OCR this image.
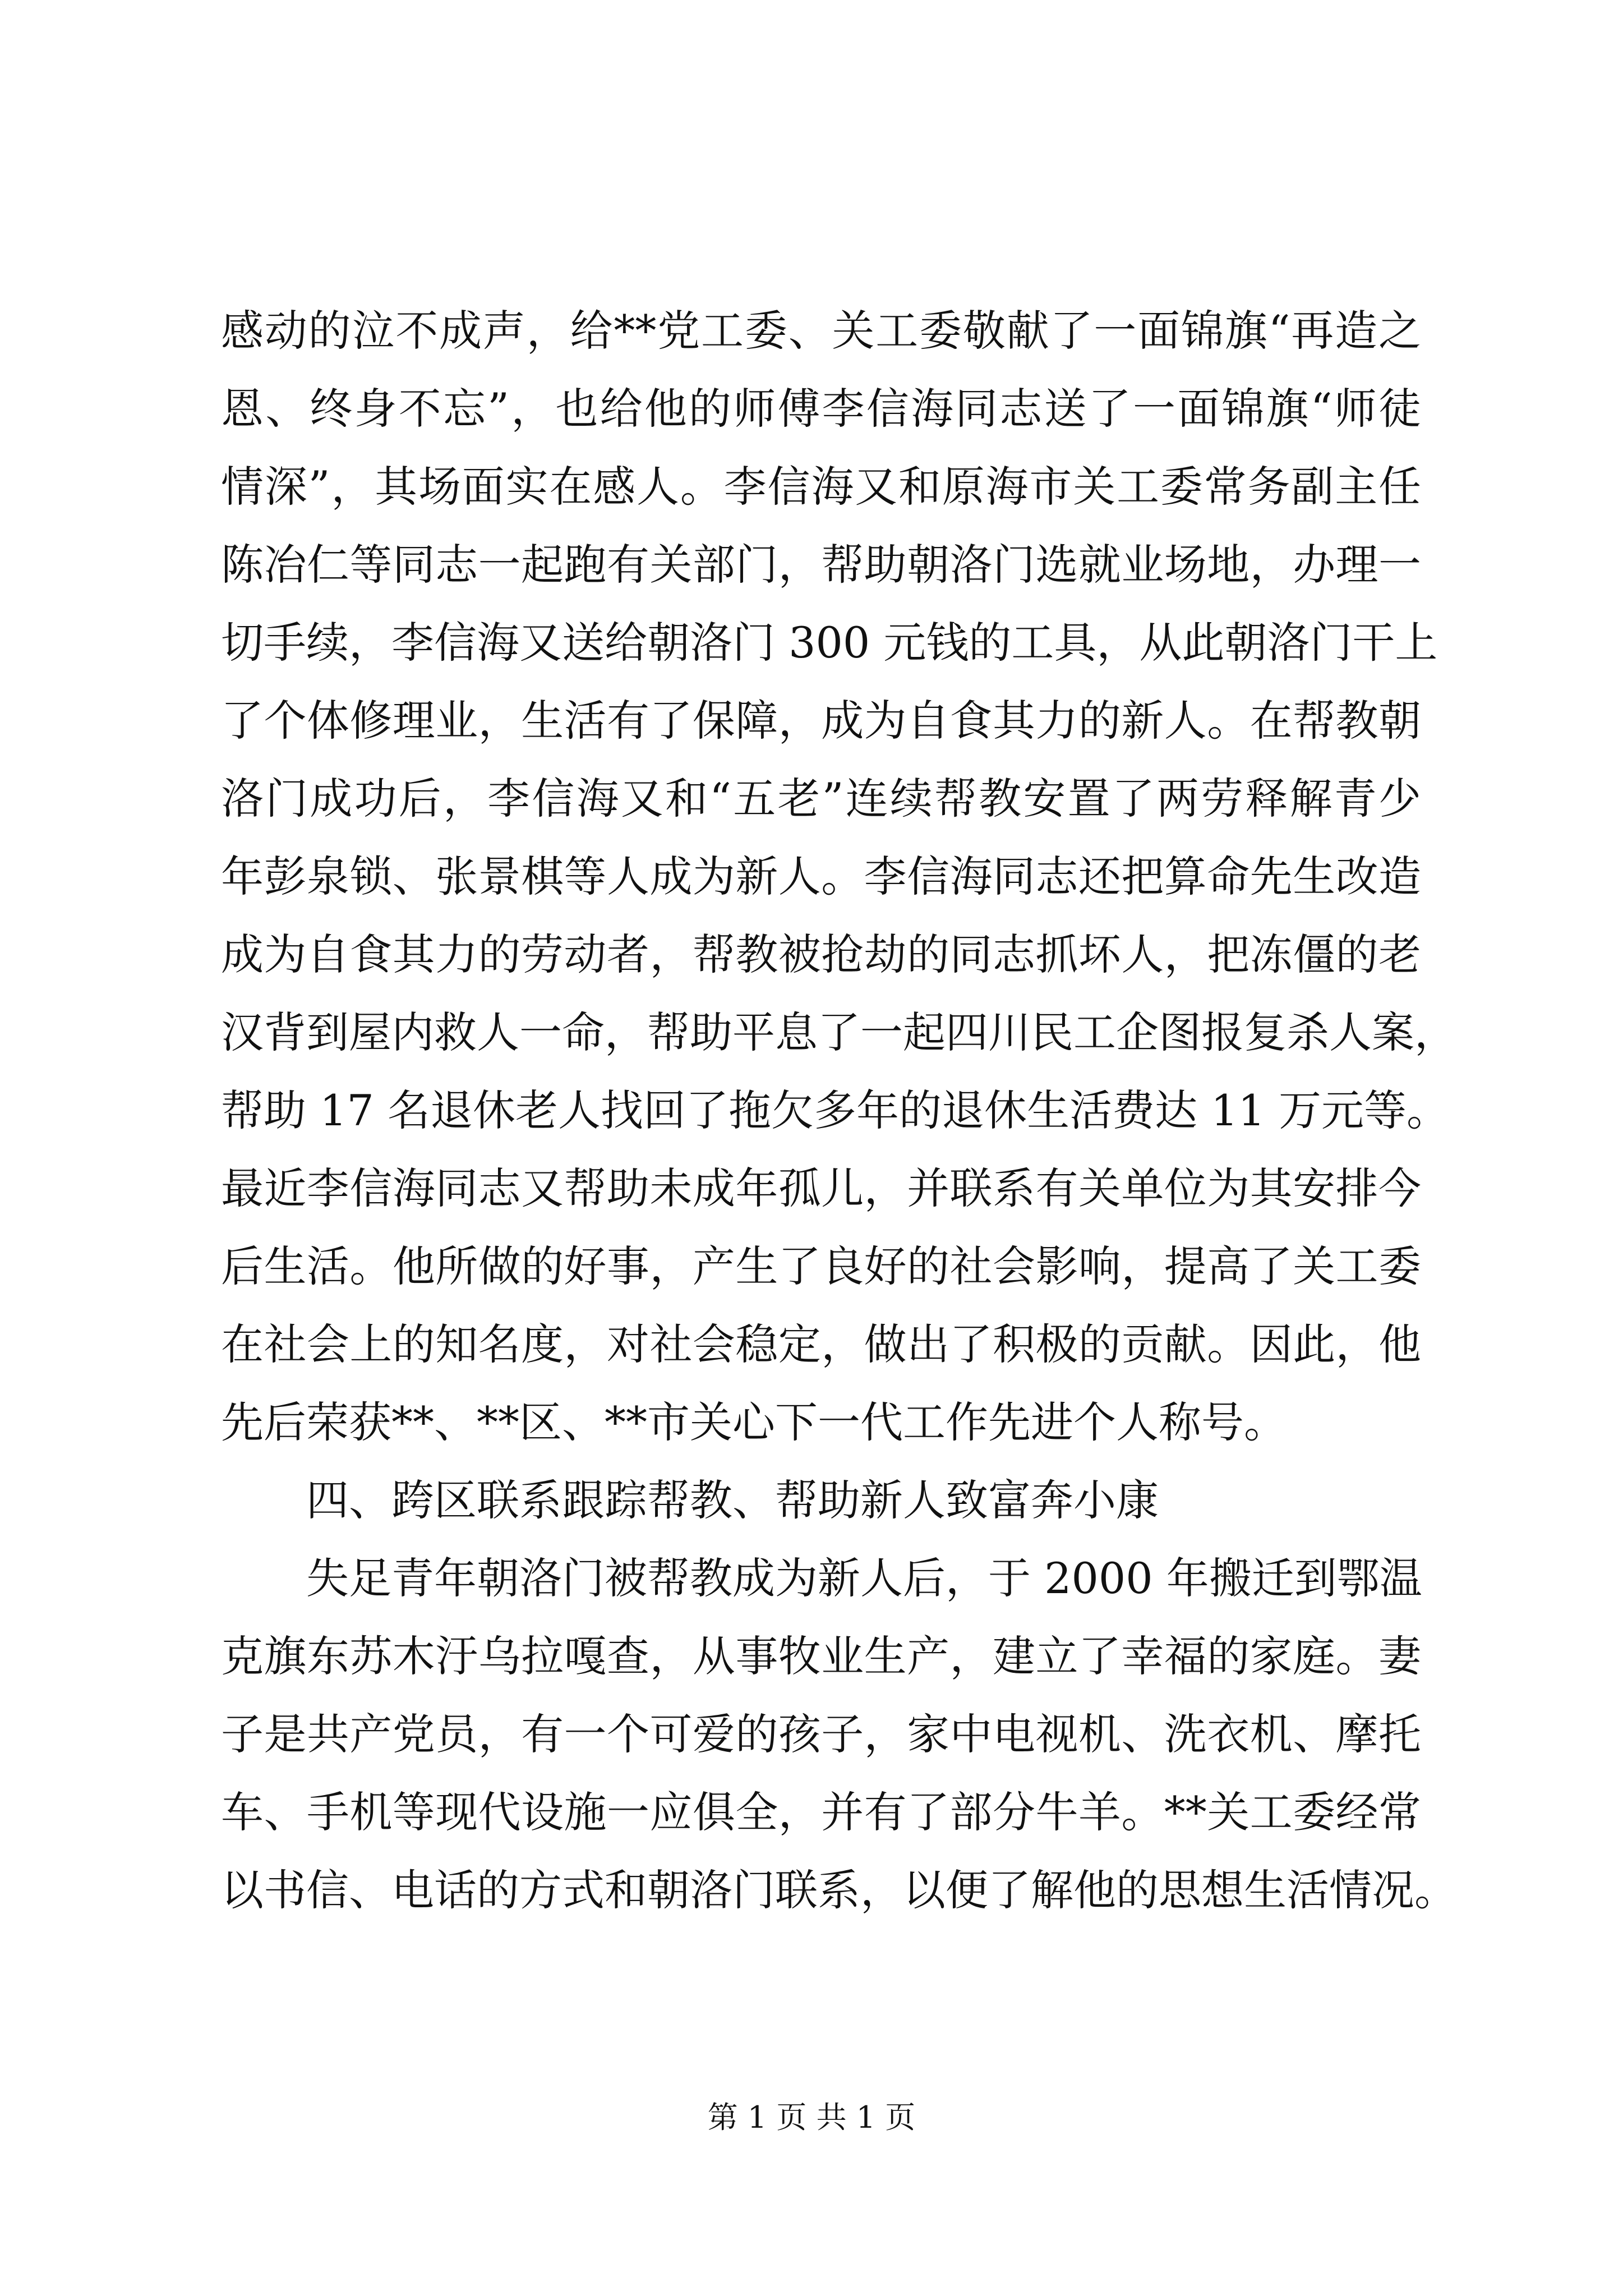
感动的泣不成声，给**党工委、关工委敬献了一面锦旗“再造之
恩、终身不忘”，也给他的师傅李信海同志送了一面锦旗“师徒
情深”，其场面实在感人。李信海又和原海市关工委常务副主任
陈冶仁等同志一起跑有关部门，帮助朝洛门选就业场地，办理一
切手续，李信海又送给朝洛门 300 元钱的工具，从此朝洛门干上
了个体修理业，生活有了保障，成为自食其力的新人。在帮教朝
洛门成功后，李信海又和“五老”连续帮教安置了两劳释解青少
年彭泉锁、张景棋等人成为新人。李信海同志还把算命先生改造
成为自食其力的劳动者，帮教被抢劫的同志抓坏人，把冻僵的老
汉背到屋内救人一命，帮助平息了一起四川民工企图报复杀人案，
帮助 17 名退休老人找回了拖欠多年的退休生活费达 11 万元等。
最近李信海同志又帮助未成年孤儿，并联系有关单位为其安排今
后生活。他所做的好事，产生了良好的社会影响，提高了关工委
在社会上的知名度，对社会稳定，做出了积极的贡献。因此，他
先后荣获**、**区、**市关心下一代工作先进个人称号。
四、跨区联系跟踪帮教、帮助新人致富奔小康
失足青年朝洛门被帮教成为新人后，于 2000 年搬迁到鄂温
克旗东苏木汙乌拉嘎查，从事牧业生产，建立了幸福的家庭。妻
子是共产党员，有一个可爱的孩子，家中电视机、洗衣机、摩托
车、手机等现代设施一应俱全，并有了部分牛羊。**关工委经常
以书信、电话的方式和朝洛门联系，以便了解他的思想生活情况。
第 1 页 共 1 页
